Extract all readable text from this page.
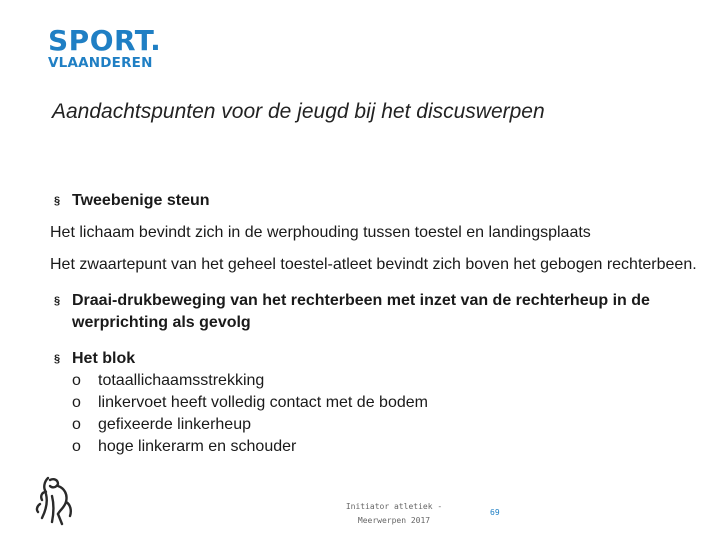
SPORT.
VLAANDEREN
Aandachtspunten voor de jeugd bij het discuswerpen
§ Tweebenige steun

Het lichaam bevindt zich in de werphouding tussen toestel en landingsplaats

Het zwaartepunt van het geheel toestel-atleet bevindt zich boven het gebogen rechterbeen.

§ Draai-drukbeweging van het rechterbeen met inzet van de rechterheup in de werprichting als gevolg
§ Het blok
o	totaallichaamsstrekking
o	linkervoet heeft volledig contact met de bodem
o	gefixeerde linkerheup
o	hoge linkerarm en schouder
Initiator atletiek -
Meerwerpen 2017
69
